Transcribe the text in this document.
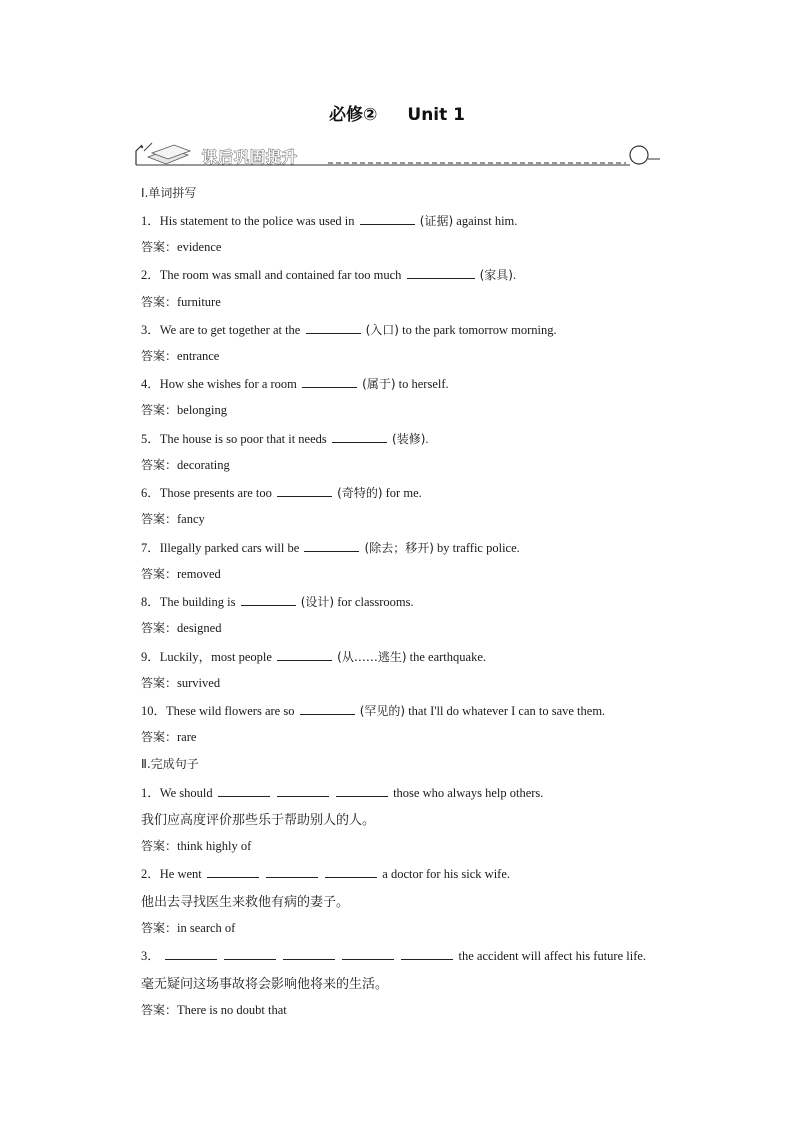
必修② Unit 1
课后巩固提升
Ⅰ.单词拼写
1．His statement to the police was used in	(证据) against him.
答案：evidence
2．The room was small and contained far too much	(家具).
答案：furniture
3．We are to get together at the	(入口) to the park tomorrow morning.
答案：entrance
4．How she wishes for a room	(属于) to herself.
答案：belonging
5．The house is so poor that it needs	(装修).
答案：decorating
6．Those presents are too	(奇特的) for me.
答案：fancy
7．Illegally parked cars will be	(除去；移开) by traffic police.
答案：removed
8．The building is	(设计) for classrooms.
答案：designed
9．Luckily，most people	(从……逃生) the earthquake.
答案：survived
10．These wild flowers are so	(罕见的) that I'll do whatever I can to save them.
答案：rare
Ⅱ.完成句子
1．We should	those who always help others.
我们应高度评价那些乐于帮助别人的人。
答案：think highly of
2．He went	a doctor for his sick wife.
他出去寻找医生来救他有病的妻子。
答案：in search of
3．	the accident will affect his future life.
毫无疑问这场事故将会影响他将来的生活。
答案：There is no doubt that
